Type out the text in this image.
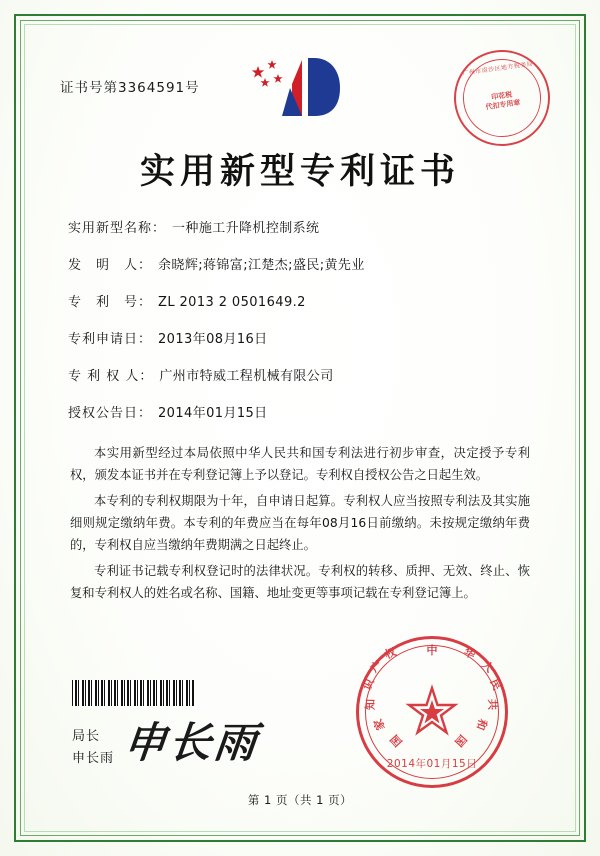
证书号第3364591号
广州市南沙区地方税务局
印花税
代扣专用章
实用新型专利证书
实用新型名称： 一种施工升降机控制系统
发　明　人： 余晓辉;蒋锦富;江楚杰;盛民;黄先业
专　利　号： ZL 2013 2 0501649.2
专利申请日： 2013年08月16日
专 利 权 人： 广州市特威工程机械有限公司
授权公告日： 2014年01月15日

本实用新型经过本局依照中华人民共和国专利法进行初步审查，决定授予专利权，颁发本证书并在专利登记簿上予以登记。专利权自授权公告之日起生效。

本专利的专利权期限为十年，自申请日起算。专利权人应当按照专利法及其实施细则规定缴纳年费。本专利的年费应当在每年08月16日前缴纳。未按规定缴纳年费的，专利权自应当缴纳年费期满之日起终止。

专利证书记载专利权登记时的法律状况。专利权的转移、质押、无效、终止、恢复和专利权人的姓名或名称、国籍、地址变更等事项记载在专利登记簿上。

局长
申长雨 申长雨
中 华
人
民
共
和
国
国
家
知
识
产
权
2014年01月15日
第 1 页（共 1 页）
